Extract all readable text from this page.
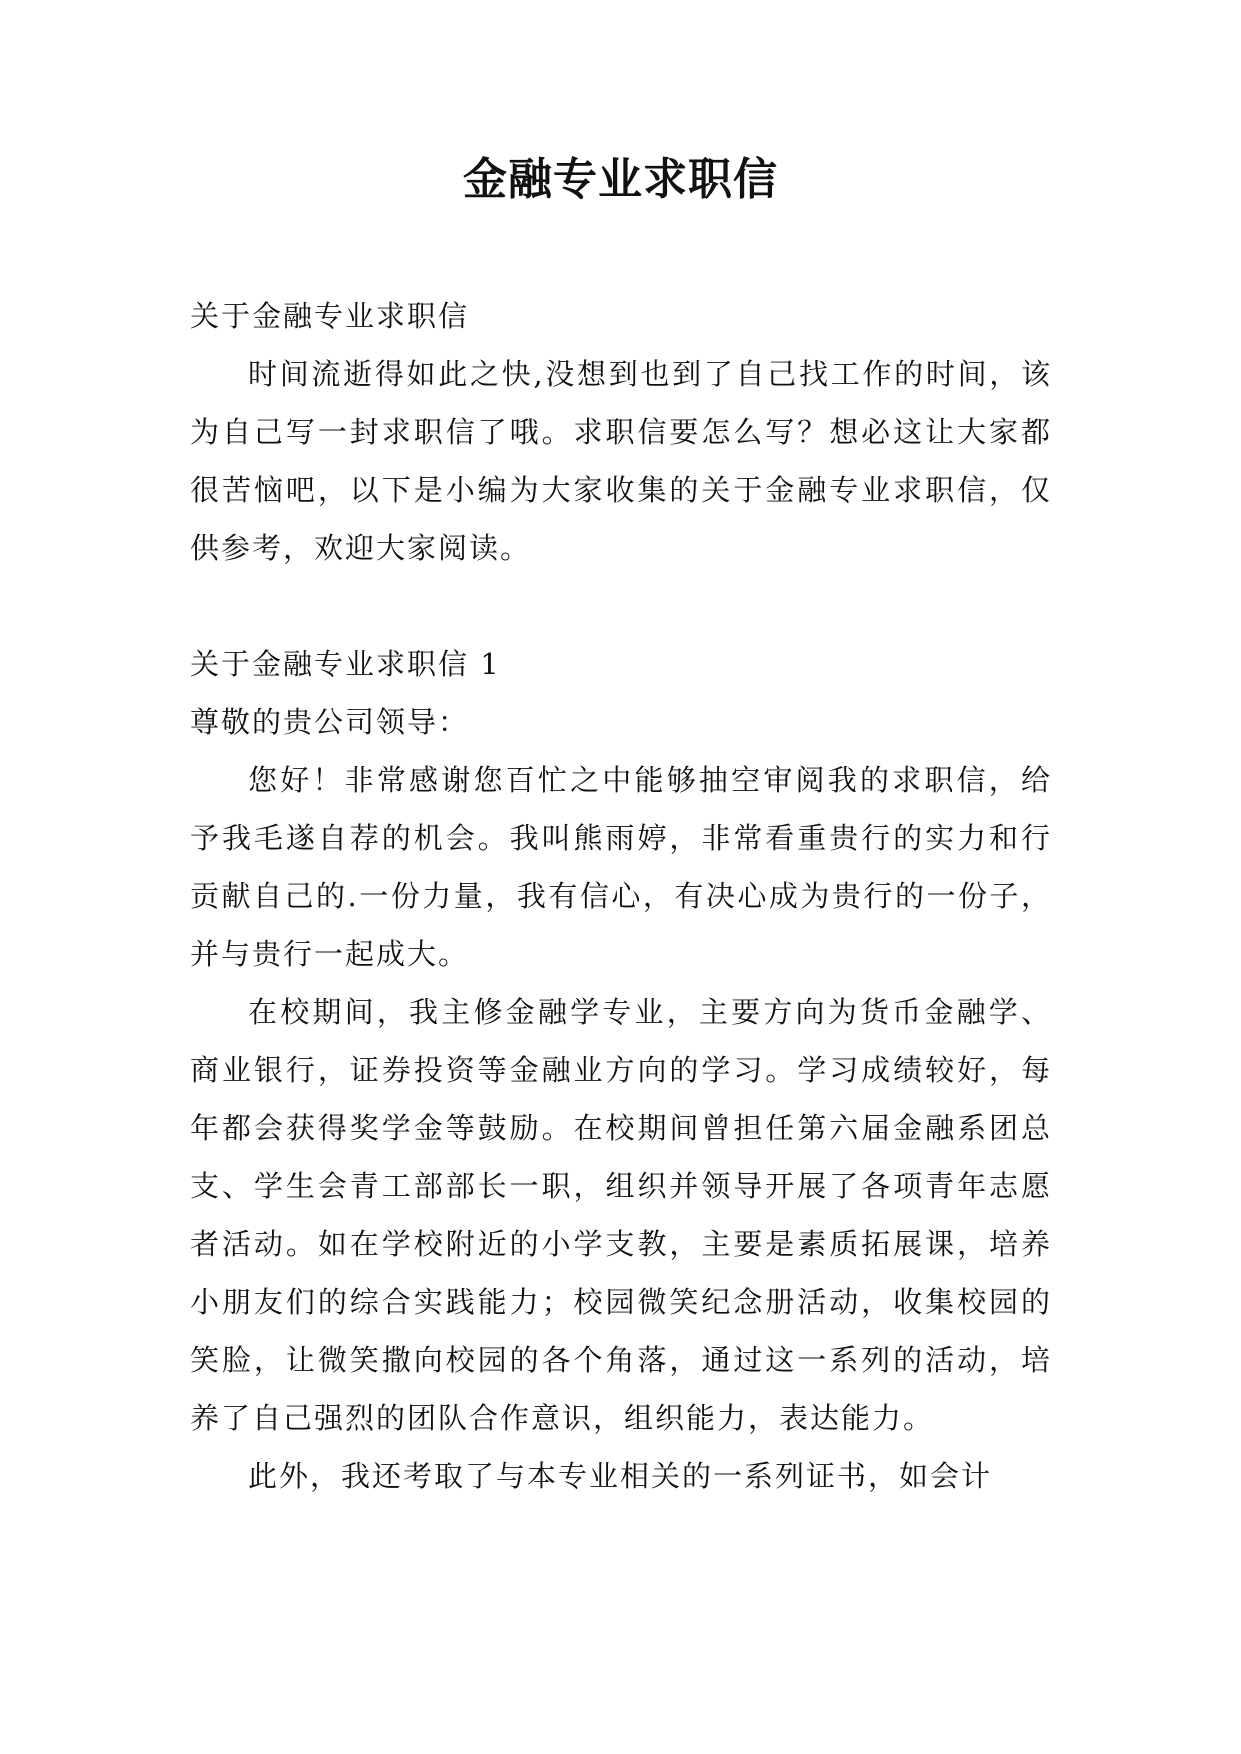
金融专业求职信

关于金融专业求职信

时间流逝得如此之快,没想到也到了自己找工作的时间，该为自己写一封求职信了哦。求职信要怎么写？想必这让大家都很苦恼吧，以下是小编为大家收集的关于金融专业求职信，仅供参考，欢迎大家阅读。

关于金融专业求职信 1

尊敬的贵公司领导：

您好！非常感谢您百忙之中能够抽空审阅我的求职信，给予我毛遂自荐的机会。我叫熊雨婷，非常看重贵行的实力和行贡献自己的.一份力量，我有信心，有决心成为贵行的一份子，并与贵行一起成大。

在校期间，我主修金融学专业，主要方向为货币金融学、商业银行，证券投资等金融业方向的学习。学习成绩较好，每年都会获得奖学金等鼓励。在校期间曾担任第六届金融系团总支、学生会青工部部长一职，组织并领导开展了各项青年志愿者活动。如在学校附近的小学支教，主要是素质拓展课，培养小朋友们的综合实践能力；校园微笑纪念册活动，收集校园的笑脸，让微笑撒向校园的各个角落，通过这一系列的活动，培养了自己强烈的团队合作意识，组织能力，表达能力。

此外，我还考取了与本专业相关的一系列证书，如会计
